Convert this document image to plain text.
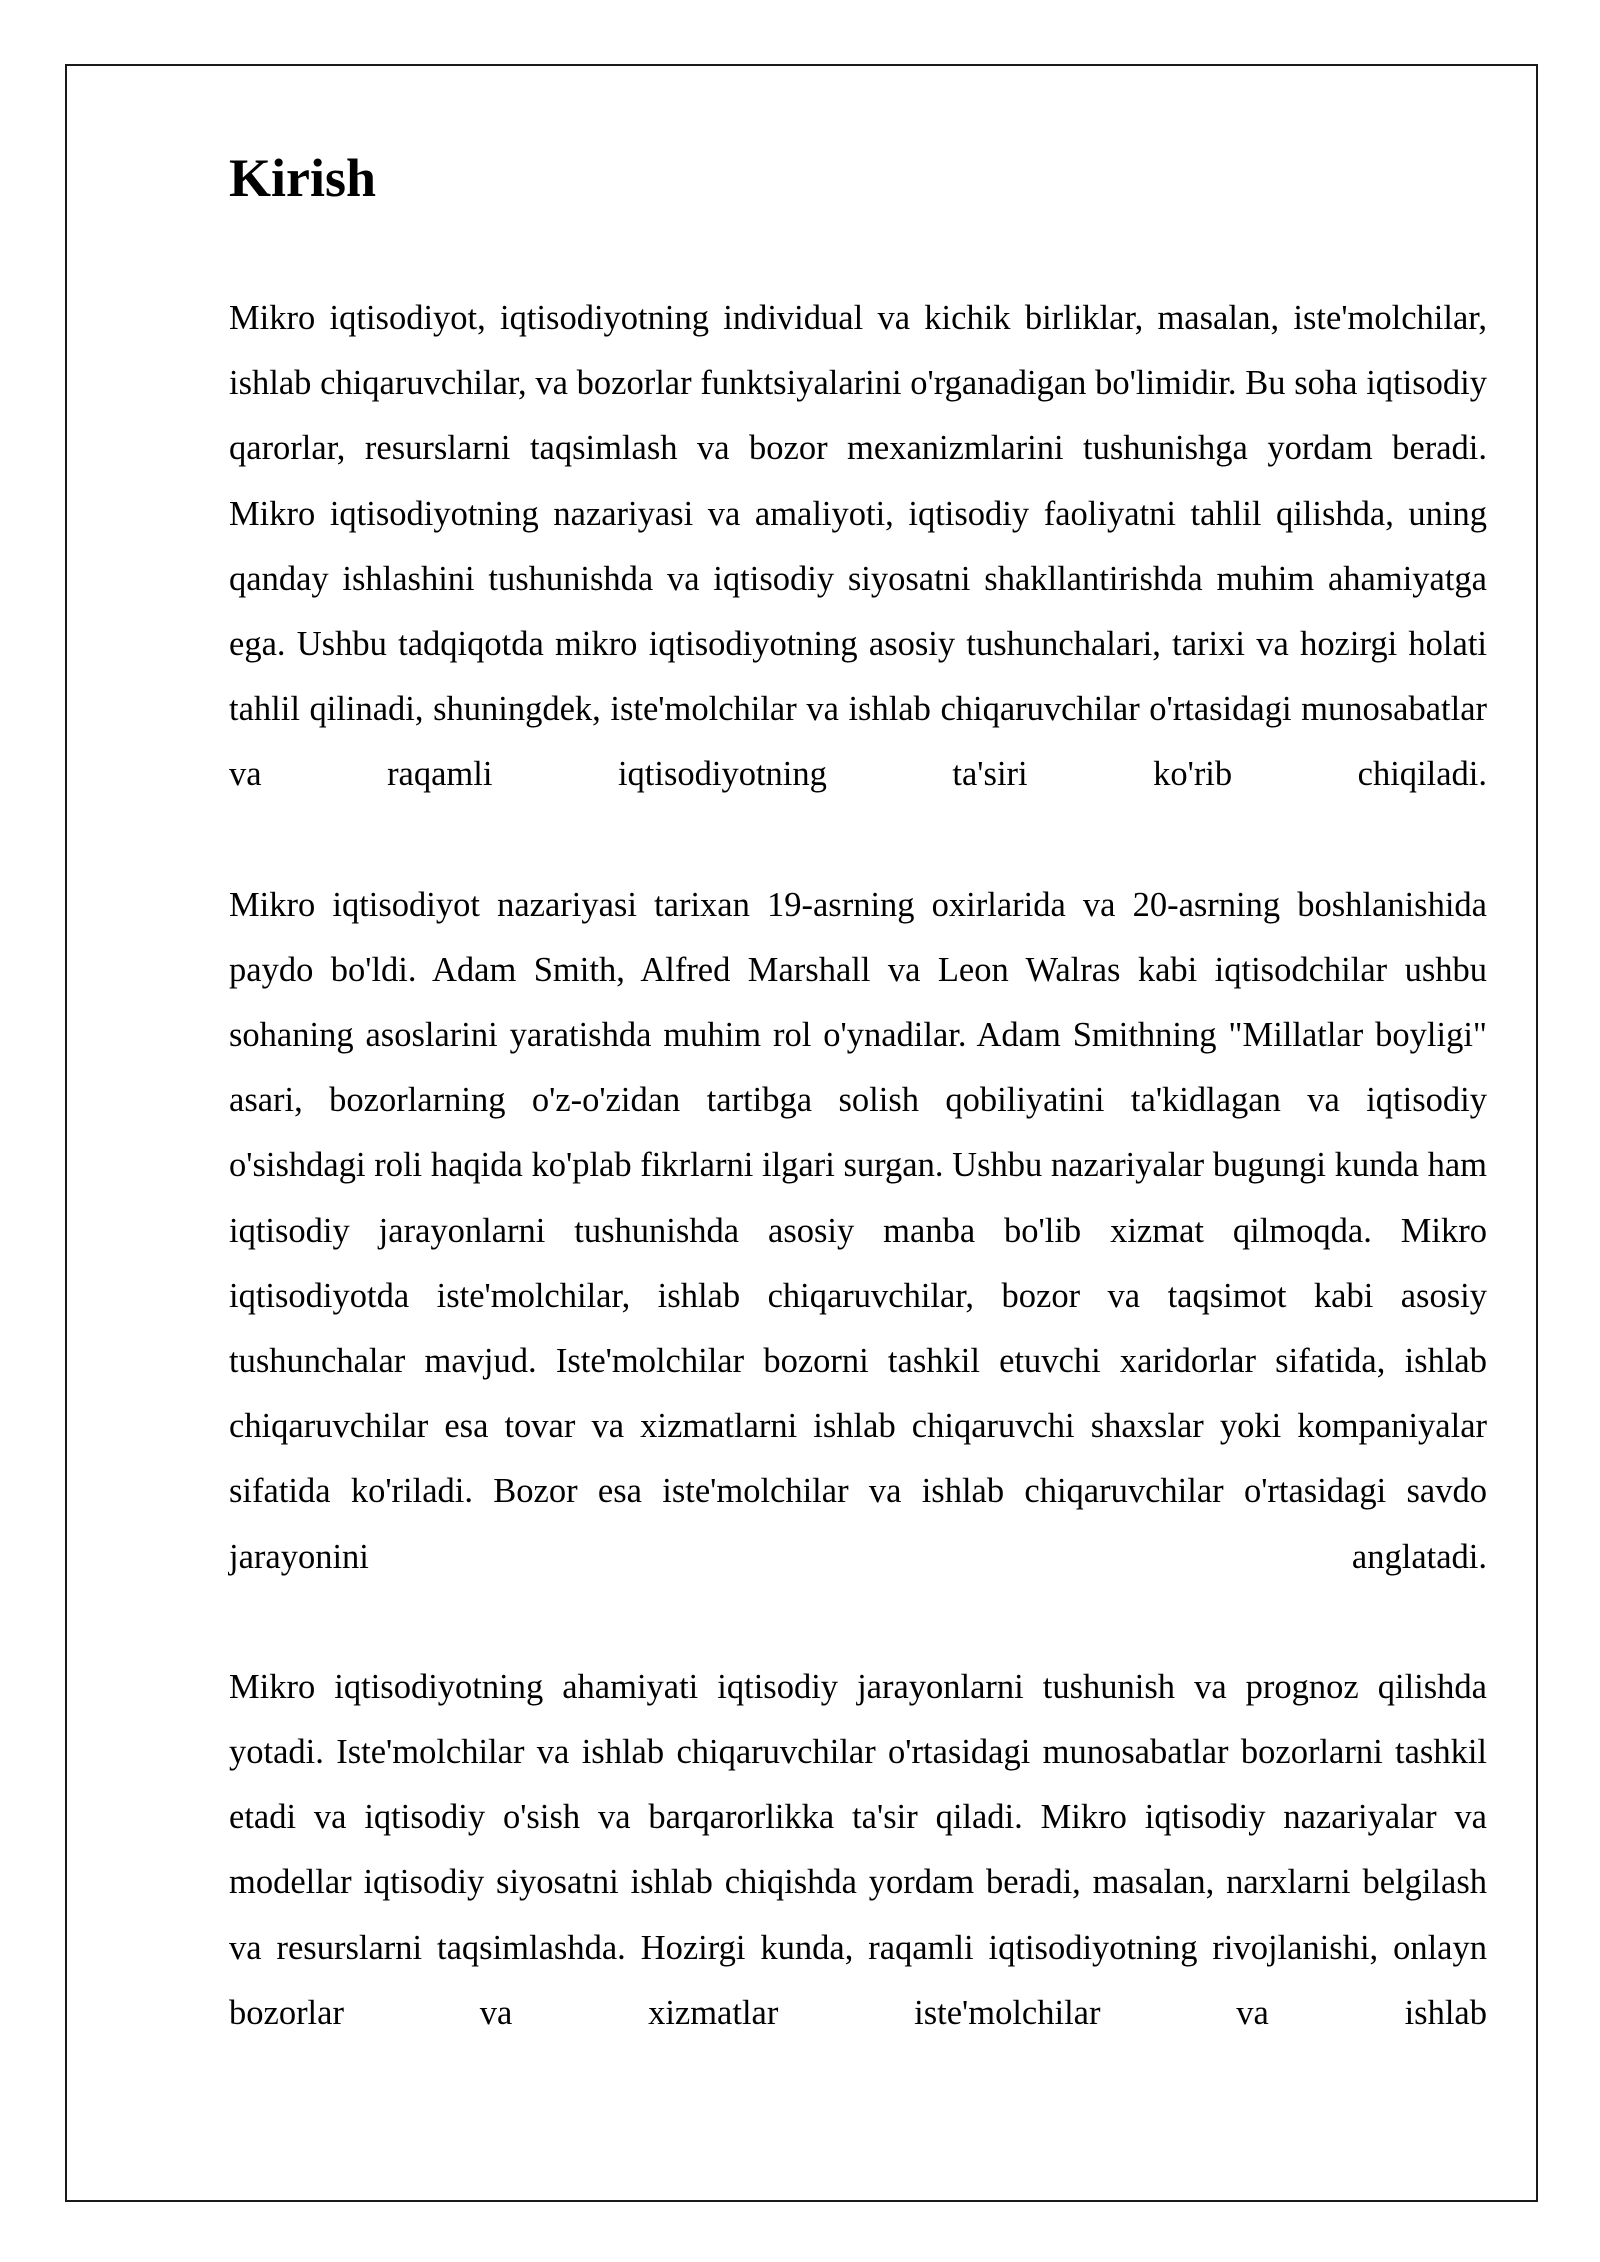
Kirish

Mikro iqtisodiyot, iqtisodiyotning individual va kichik birliklar, masalan, iste'molchilar, ishlab chiqaruvchilar, va bozorlar funktsiyalarini o'rganadigan bo'limidir. Bu soha iqtisodiy qarorlar, resurslarni taqsimlash va bozor mexanizmlarini tushunishga yordam beradi. Mikro iqtisodiyotning nazariyasi va amaliyoti, iqtisodiy faoliyatni tahlil qilishda, uning qanday ishlashini tushunishda va iqtisodiy siyosatni shakllantirishda muhim ahamiyatga ega. Ushbu tadqiqotda mikro iqtisodiyotning asosiy tushunchalari, tarixi va hozirgi holati tahlil qilinadi, shuningdek, iste'molchilar va ishlab chiqaruvchilar o'rtasidagi munosabatlar va raqamli iqtisodiyotning ta'siri ko'rib chiqiladi.

Mikro iqtisodiyot nazariyasi tarixan 19-asrning oxirlarida va 20-asrning boshlanishida paydo bo'ldi. Adam Smith, Alfred Marshall va Leon Walras kabi iqtisodchilar ushbu sohaning asoslarini yaratishda muhim rol o'ynadilar. Adam Smithning "Millatlar boyligi" asari, bozorlarning o'z-o'zidan tartibga solish qobiliyatini ta'kidlagan va iqtisodiy o'sishdagi roli haqida ko'plab fikrlarni ilgari surgan. Ushbu nazariyalar bugungi kunda ham iqtisodiy jarayonlarni tushunishda asosiy manba bo'lib xizmat qilmoqda. Mikro iqtisodiyotda iste'molchilar, ishlab chiqaruvchilar, bozor va taqsimot kabi asosiy tushunchalar mavjud. Iste'molchilar bozorni tashkil etuvchi xaridorlar sifatida, ishlab chiqaruvchilar esa tovar va xizmatlarni ishlab chiqaruvchi shaxslar yoki kompaniyalar sifatida ko'riladi. Bozor esa iste'molchilar va ishlab chiqaruvchilar o'rtasidagi savdo jarayonini anglatadi.

Mikro iqtisodiyotning ahamiyati iqtisodiy jarayonlarni tushunish va prognoz qilishda yotadi. Iste'molchilar va ishlab chiqaruvchilar o'rtasidagi munosabatlar bozorlarni tashkil etadi va iqtisodiy o'sish va barqarorlikka ta'sir qiladi. Mikro iqtisodiy nazariyalar va modellar iqtisodiy siyosatni ishlab chiqishda yordam beradi, masalan, narxlarni belgilash va resurslarni taqsimlashda. Hozirgi kunda, raqamli iqtisodiyotning rivojlanishi, onlayn bozorlar va xizmatlar iste'molchilar va ishlab
